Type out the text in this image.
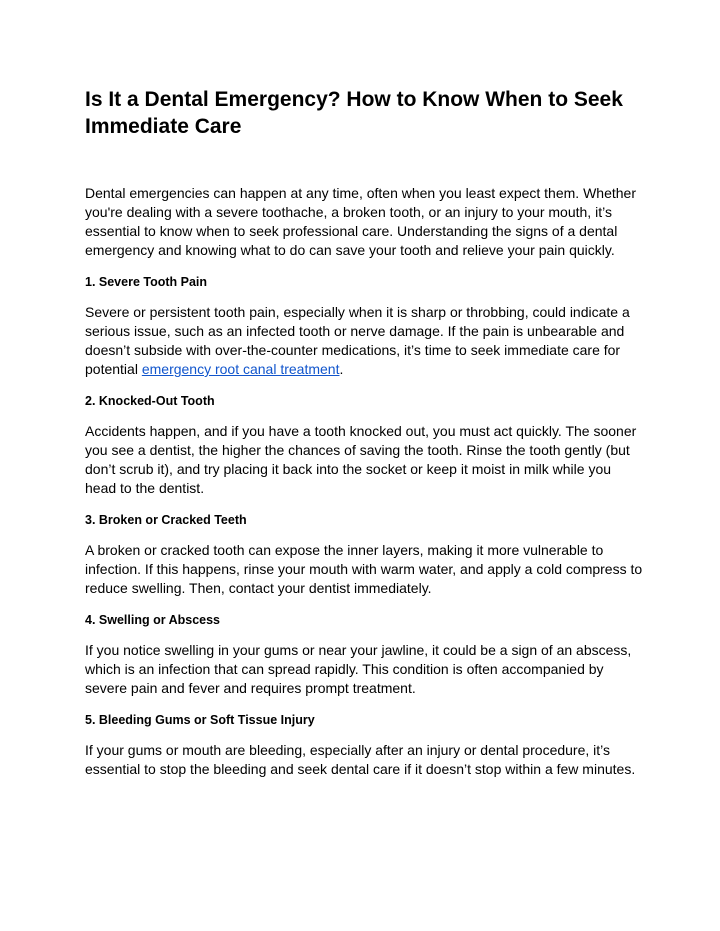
Is It a Dental Emergency? How to Know When to Seek Immediate Care

Dental emergencies can happen at any time, often when you least expect them. Whether you're dealing with a severe toothache, a broken tooth, or an injury to your mouth, it’s essential to know when to seek professional care. Understanding the signs of a dental emergency and knowing what to do can save your tooth and relieve your pain quickly.

1. Severe Tooth Pain

Severe or persistent tooth pain, especially when it is sharp or throbbing, could indicate a serious issue, such as an infected tooth or nerve damage. If the pain is unbearable and doesn’t subside with over-the-counter medications, it’s time to seek immediate care for potential emergency root canal treatment.

2. Knocked-Out Tooth

Accidents happen, and if you have a tooth knocked out, you must act quickly. The sooner you see a dentist, the higher the chances of saving the tooth. Rinse the tooth gently (but don’t scrub it), and try placing it back into the socket or keep it moist in milk while you head to the dentist.

3. Broken or Cracked Teeth

A broken or cracked tooth can expose the inner layers, making it more vulnerable to infection. If this happens, rinse your mouth with warm water, and apply a cold compress to reduce swelling. Then, contact your dentist immediately.

4. Swelling or Abscess

If you notice swelling in your gums or near your jawline, it could be a sign of an abscess, which is an infection that can spread rapidly. This condition is often accompanied by severe pain and fever and requires prompt treatment.

5. Bleeding Gums or Soft Tissue Injury

If your gums or mouth are bleeding, especially after an injury or dental procedure, it’s essential to stop the bleeding and seek dental care if it doesn’t stop within a few minutes.
